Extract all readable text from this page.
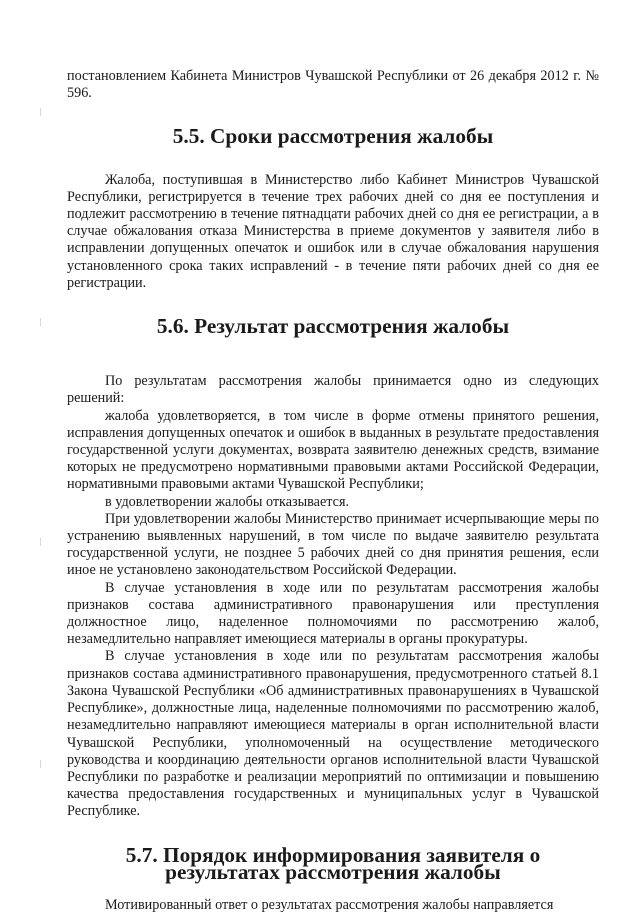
постановлением Кабинета Министров Чувашской Республики от 26 декабря 2012 г. № 596.

5.5. Сроки рассмотрения жалобы

Жалоба, поступившая в Министерство либо Кабинет Министров Чувашской Республики, регистрируется в течение трех рабочих дней со дня ее поступления и подлежит рассмотрению в течение пятнадцати рабочих дней со дня ее регистрации, а в случае обжалования отказа Министерства в приеме документов у заявителя либо в исправлении допущенных опечаток и ошибок или в случае обжалования нарушения установленного срока таких исправлений - в течение пяти рабочих дней со дня ее регистрации.

5.6. Результат рассмотрения жалобы

По результатам рассмотрения жалобы принимается одно из следующих решений:

жалоба удовлетворяется, в том числе в форме отмены принятого решения, исправления допущенных опечаток и ошибок в выданных в результате предоставления государственной услуги документах, возврата заявителю денежных средств, взимание которых не предусмотрено нормативными правовыми актами Российской Федерации, нормативными правовыми актами Чувашской Республики;

в удовлетворении жалобы отказывается.

При удовлетворении жалобы Министерство принимает исчерпывающие меры по устранению выявленных нарушений, в том числе по выдаче заявителю результата государственной услуги, не позднее 5 рабочих дней со дня принятия решения, если иное не установлено законодательством Российской Федерации.

В случае установления в ходе или по результатам рассмотрения жалобы признаков состава административного правонарушения или преступления должностное лицо, наделенное полномочиями по рассмотрению жалоб, незамедлительно направляет имеющиеся материалы в органы прокуратуры.

В случае установления в ходе или по результатам рассмотрения жалобы признаков состава административного правонарушения, предусмотренного статьей 8.1 Закона Чувашской Республики «Об административных правонарушениях в Чувашской Республике», должностные лица, наделенные полномочиями по рассмотрению жалоб, незамедлительно направляют имеющиеся материалы в орган исполнительной власти Чувашской Республики, уполномоченный на осуществление методического руководства и координацию деятельности органов исполнительной власти Чувашской Республики по разработке и реализации мероприятий по оптимизации и повышению качества предоставления государственных и муниципальных услуг в Чувашской Республике.

5.7. Порядок информирования заявителя о результатах рассмотрения жалобы

Мотивированный ответ о результатах рассмотрения жалобы направляется
